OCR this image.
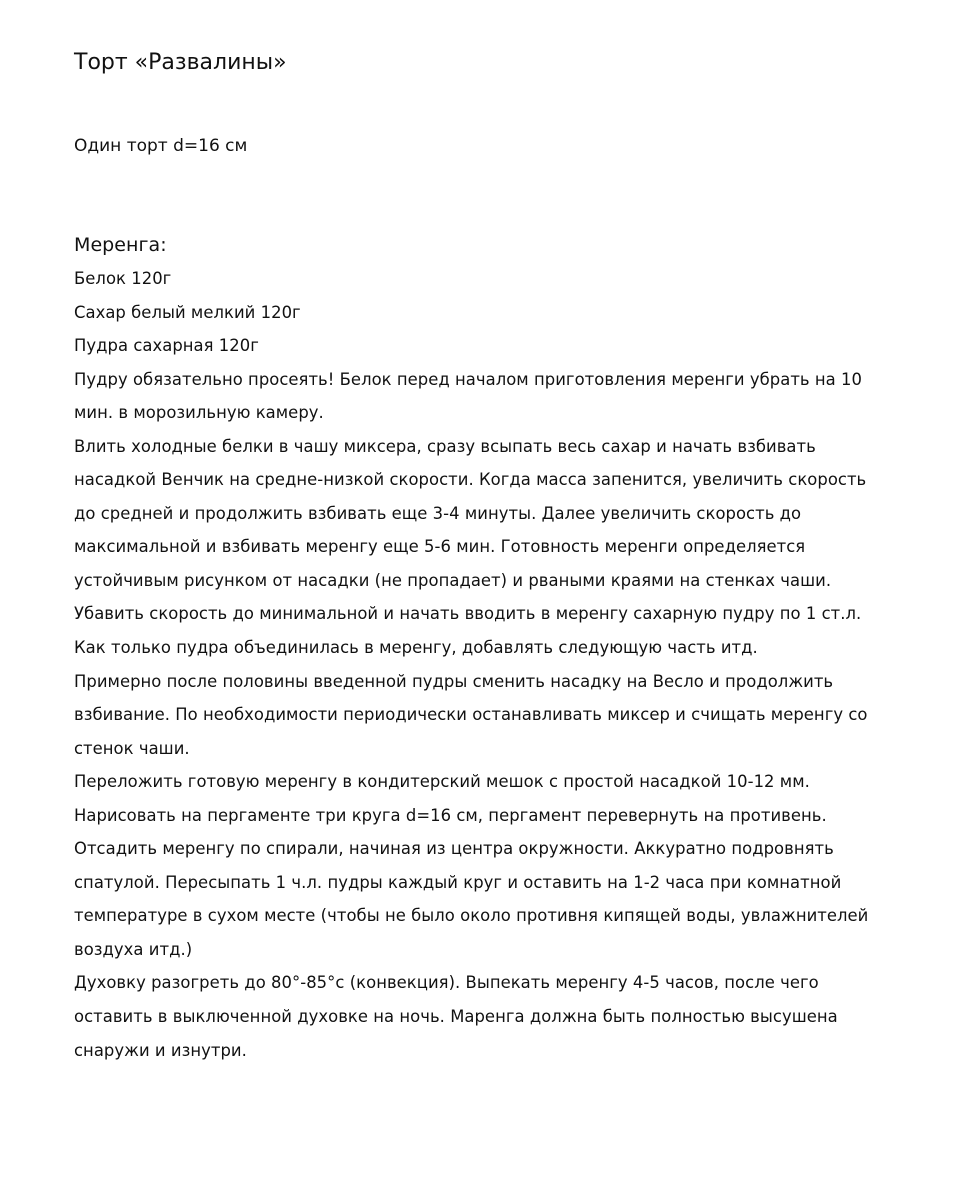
Торт «Развалины»

Один торт d=16 см

Меренга:
Белок 120г
Сахар белый мелкий 120г
Пудра сахарная 120г
Пудру обязательно просеять! Белок перед началом приготовления меренги убрать на 10
мин. в морозильную камеру.
Влить холодные белки в чашу миксера, сразу всыпать весь сахар и начать взбивать
насадкой Венчик на средне-низкой скорости. Когда масса запенится, увеличить скорость
до средней и продолжить взбивать еще 3-4 минуты. Далее увеличить скорость до
максимальной и взбивать меренгу еще 5-6 мин. Готовность меренги определяется
устойчивым рисунком от насадки (не пропадает) и рваными краями на стенках чаши.
Убавить скорость до минимальной и начать вводить в меренгу сахарную пудру по 1 ст.л.
Как только пудра объединилась в меренгу, добавлять следующую часть итд.
Примерно после половины введенной пудры сменить насадку на Весло и продолжить
взбивание. По необходимости периодически останавливать миксер и счищать меренгу со
стенок чаши.
Переложить готовую меренгу в кондитерский мешок с простой насадкой 10-12 мм.
Нарисовать на пергаменте три круга d=16 см, пергамент перевернуть на противень.
Отсадить меренгу по спирали, начиная из центра окружности. Аккуратно подровнять
спатулой. Пересыпать 1 ч.л. пудры каждый круг и оставить на 1-2 часа при комнатной
температуре в сухом месте (чтобы не было около противня кипящей воды, увлажнителей
воздуха итд.)
Духовку разогреть до 80°-85°c (конвекция). Выпекать меренгу 4-5 часов, после чего
оставить в выключенной духовке на ночь. Маренга должна быть полностью высушена
снаружи и изнутри.
